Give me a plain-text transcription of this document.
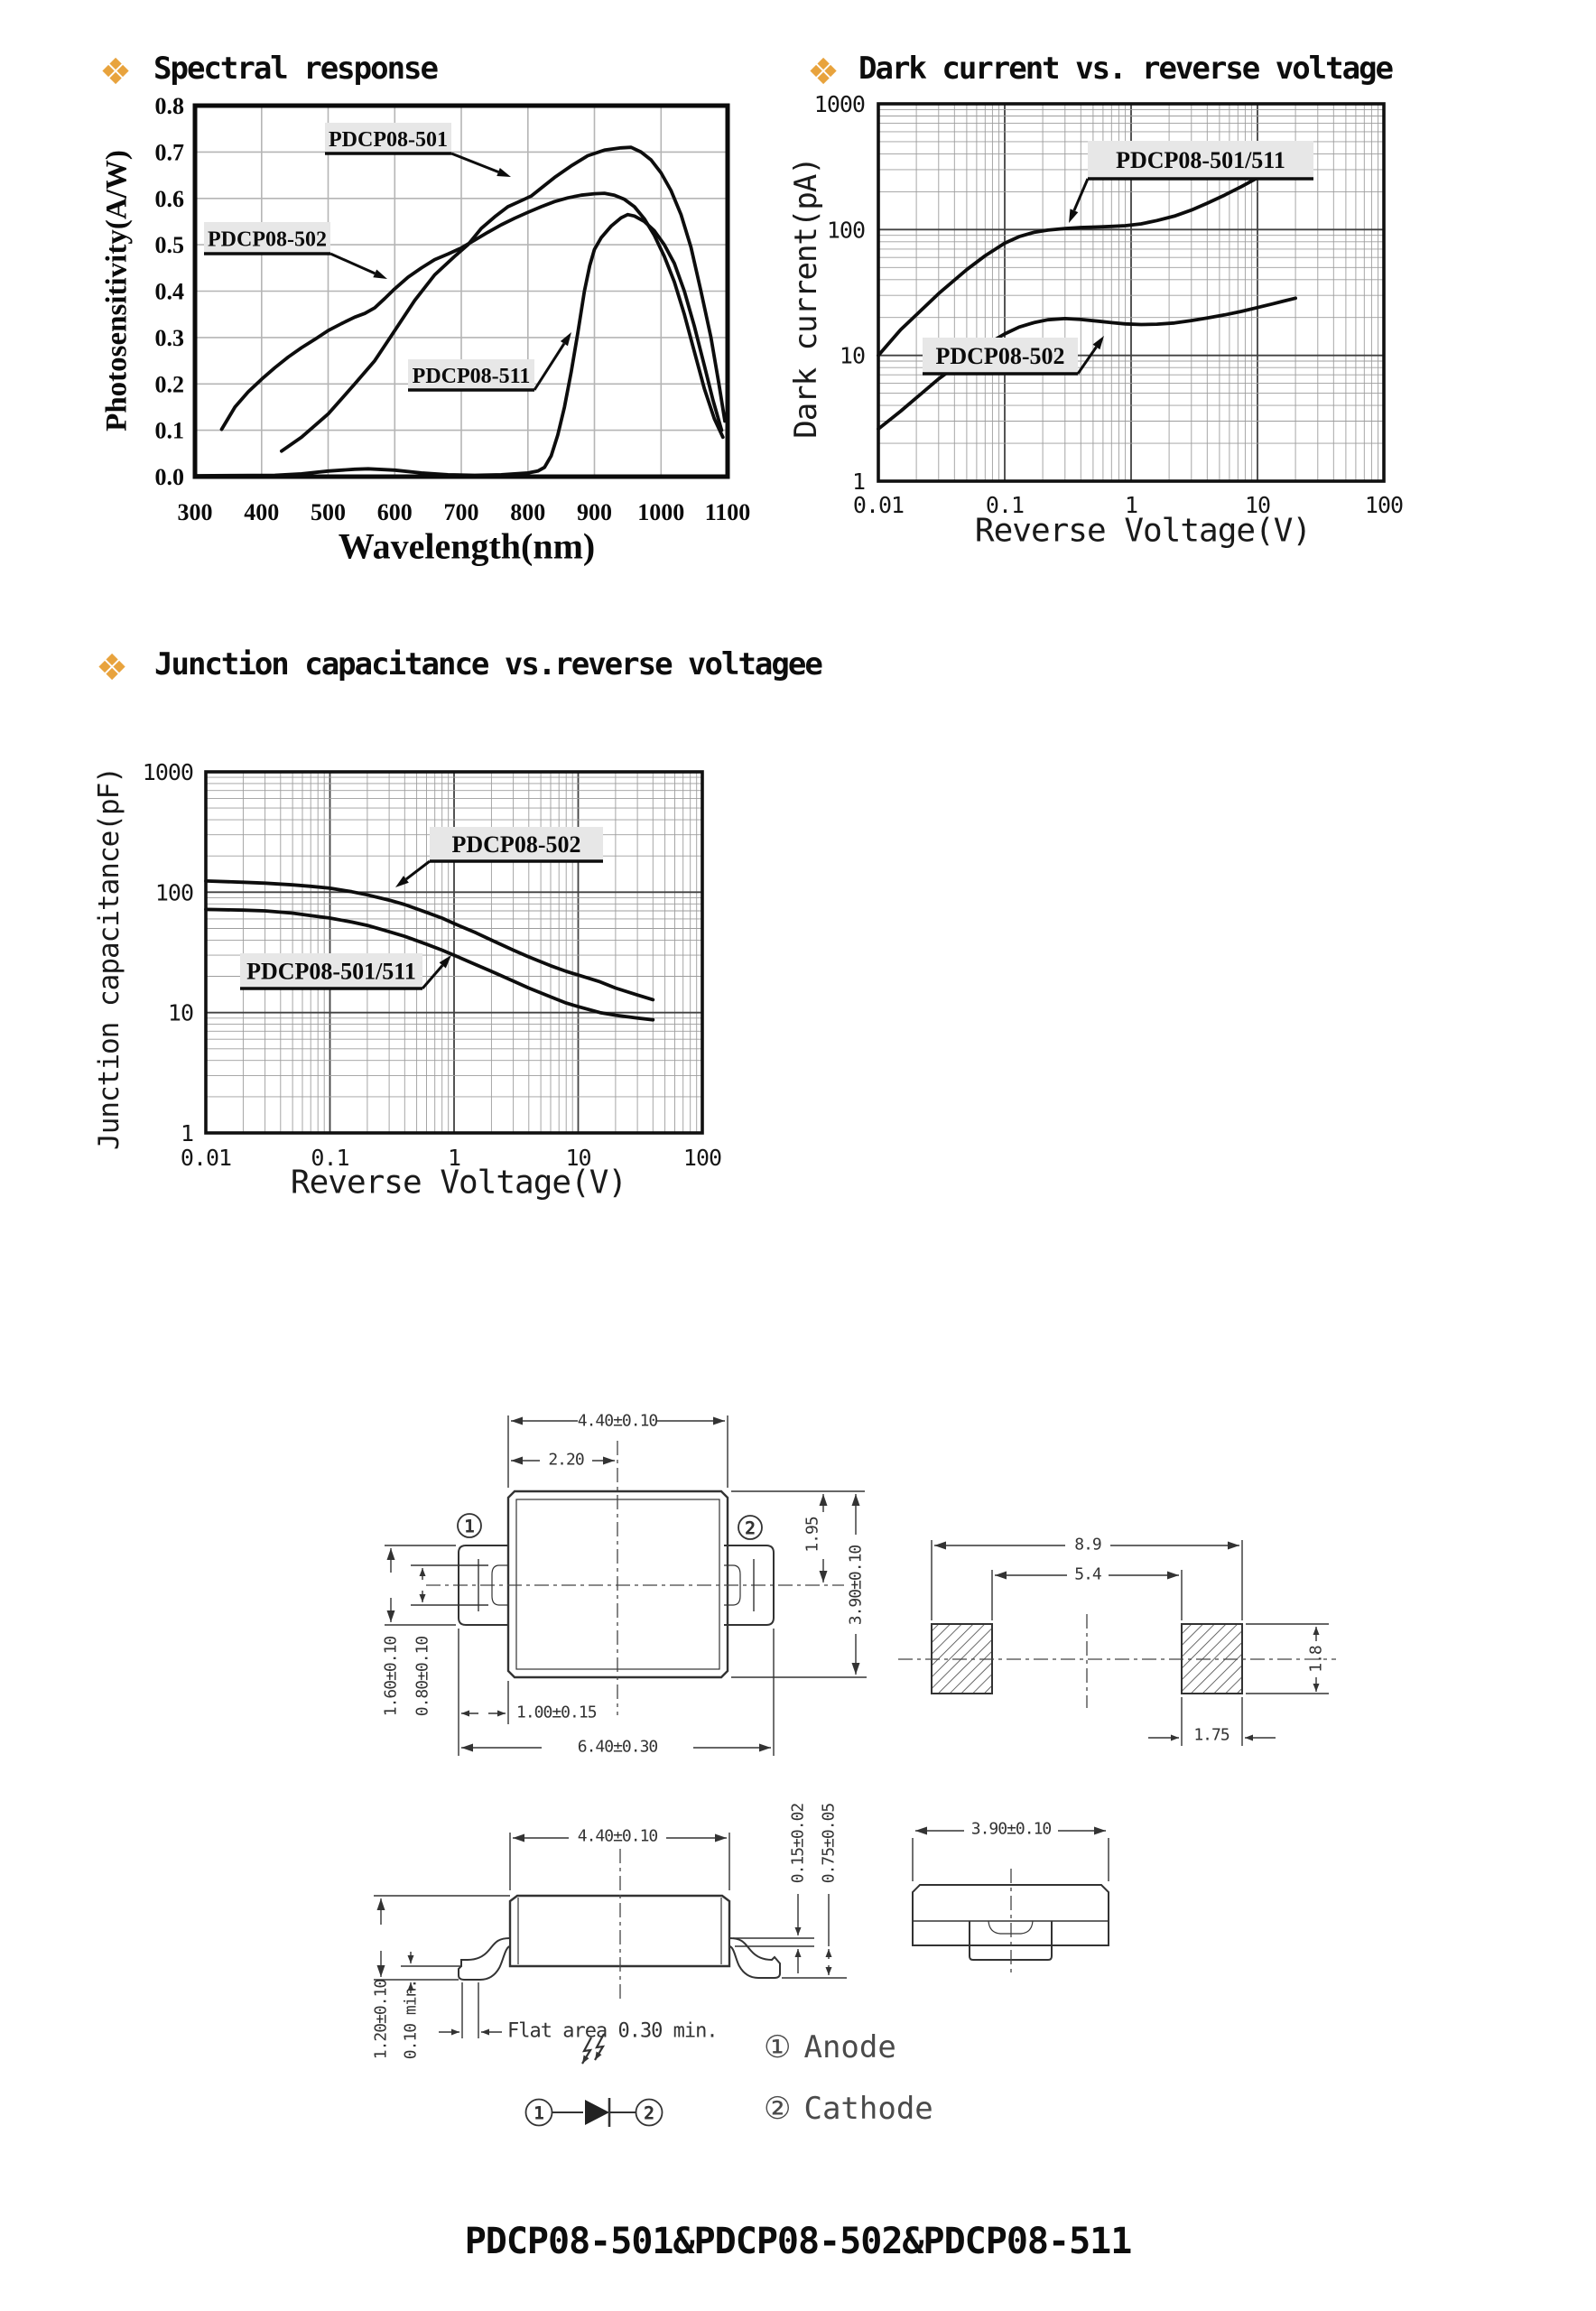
300 400 500 600 700 800 900 1000 1100
0.0
0.1
0.2
0.3
0.4
0.5
0.6
0.7
0.8
PDCP08-501
PDCP08-502
PDCP08-511
0.01	0.1	1	10	100
1
10
100
1000
PDCP08-501/511
PDCP08-502
0.01	0.1	1	10	100
1
10
100
1000
PDCP08-502
PDCP08-501/511
1	2
1	2
❖ Spectral response	❖ Dark current vs. reverse voltage
❖ Junction capacitance vs.reverse voltagee
Photosensitivity(A/W)
Wavelength(nm)
Dark current(pA)
Reverse Voltage(V)
Junction capacitance(pF)
Reverse Voltage(V)
4.40±0.10
2.20
1.95
3.90±0.10
1.60±0.10 0.80±0.10	1.00±0.15
6.40±0.30
8.9
5.4
1.8
1.75
4.40±0.10	0.15±0.02 0.75±0.05
1.20±0.10 0.10 min.	Flat area 0.30 min.
3.90±0.10
① Anode
② Cathode
PDCP08-501&PDCP08-502&PDCP08-511
